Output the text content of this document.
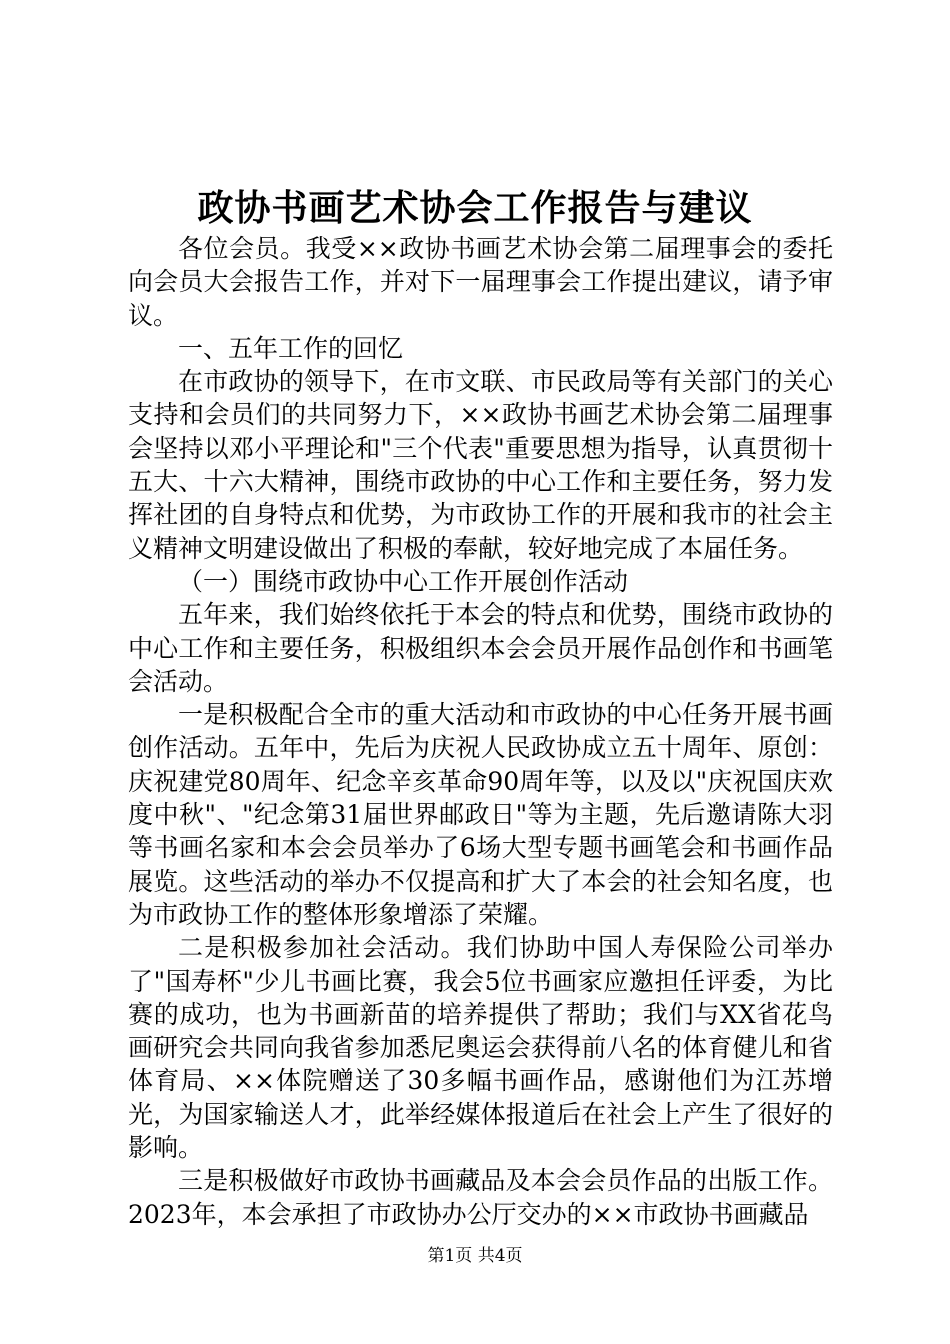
政协书画艺术协会工作报告与建议

各位会员。我受××政协书画艺术协会第二届理事会的委托向会员大会报告工作，并对下一届理事会工作提出建议，请予审议。

一、五年工作的回忆

在市政协的领导下，在市文联、市民政局等有关部门的关心支持和会员们的共同努力下，××政协书画艺术协会第二届理事会坚持以邓小平理论和"三个代表"重要思想为指导，认真贯彻十五大、十六大精神，围绕市政协的中心工作和主要任务，努力发挥社团的自身特点和优势，为市政协工作的开展和我市的社会主义精神文明建设做出了积极的奉献，较好地完成了本届任务。

（一）围绕市政协中心工作开展创作活动

五年来，我们始终依托于本会的特点和优势，围绕市政协的中心工作和主要任务，积极组织本会会员开展作品创作和书画笔会活动。

一是积极配合全市的重大活动和市政协的中心任务开展书画创作活动。五年中，先后为庆祝人民政协成立五十周年、原创：庆祝建党80周年、纪念辛亥革命90周年等，以及以"庆祝国庆欢度中秋"、"纪念第31届世界邮政日"等为主题，先后邀请陈大羽等书画名家和本会会员举办了6场大型专题书画笔会和书画作品展览。这些活动的举办不仅提高和扩大了本会的社会知名度，也为市政协工作的整体形象增添了荣耀。

二是积极参加社会活动。我们协助中国人寿保险公司举办了"国寿杯"少儿书画比赛，我会5位书画家应邀担任评委，为比赛的成功，也为书画新苗的培养提供了帮助；我们与XX省花鸟画研究会共同向我省参加悉尼奥运会获得前八名的体育健儿和省体育局、××体院赠送了30多幅书画作品，感谢他们为江苏增光，为国家输送人才，此举经媒体报道后在社会上产生了很好的影响。

三是积极做好市政协书画藏品及本会会员作品的出版工作。2023年，本会承担了市政协办公厅交办的××市政协书画藏品

第1页 共4页
